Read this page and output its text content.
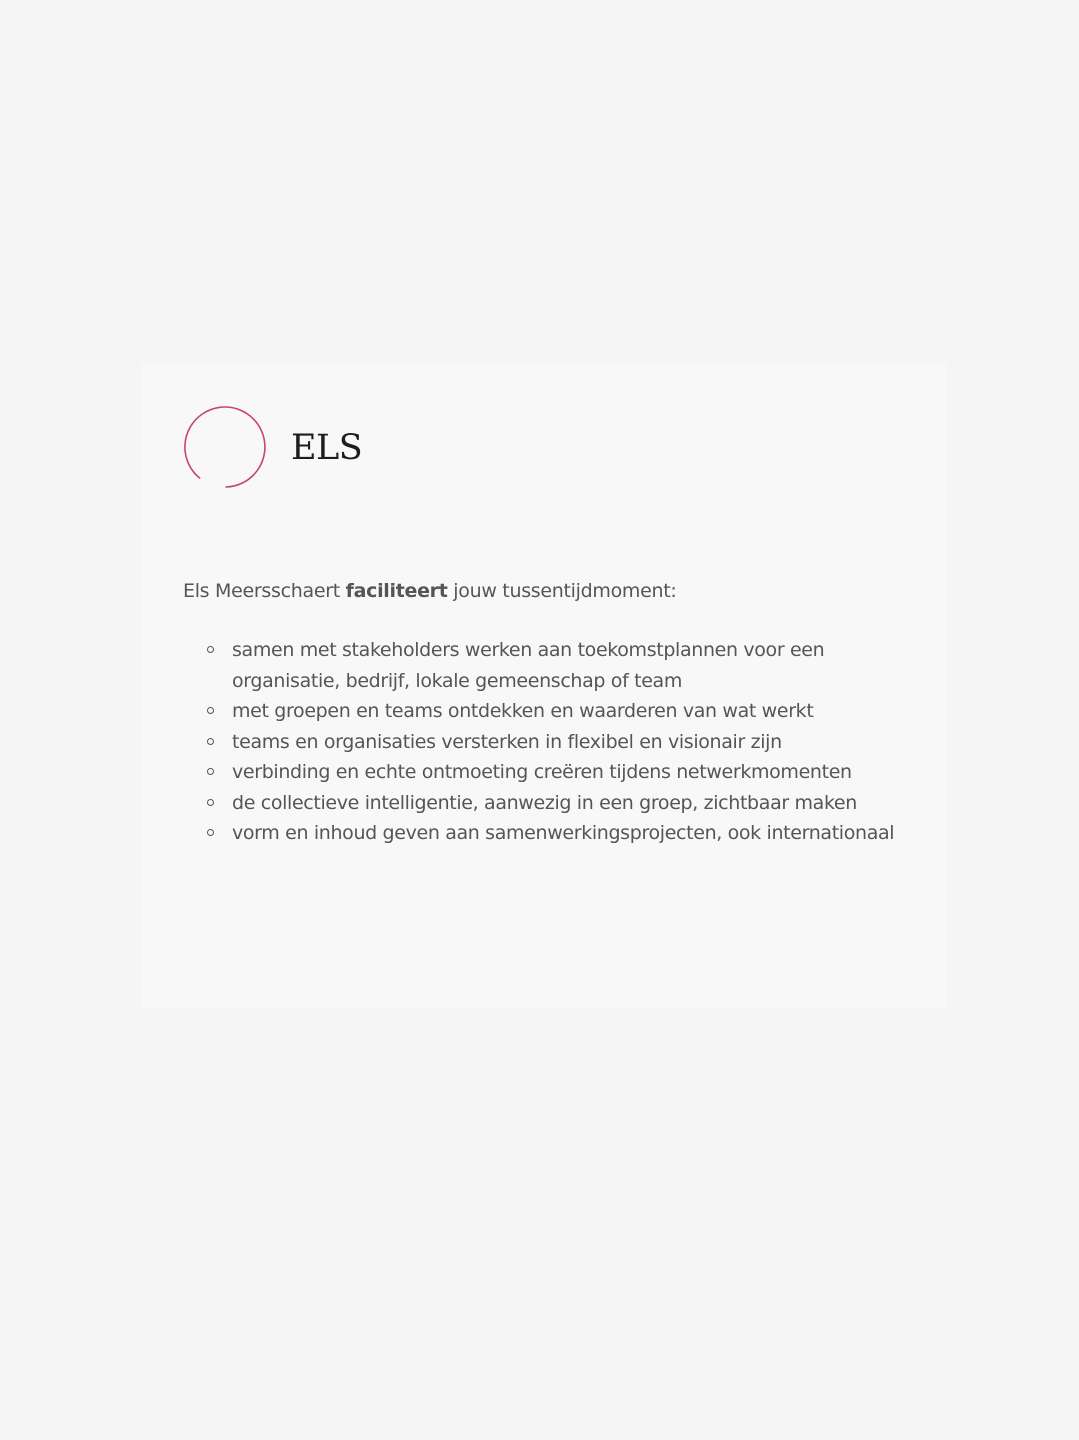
ELS

Els Meersschaert faciliteert jouw tussentijdmoment:

samen met stakeholders werken aan toekomstplannen voor een organisatie, bedrijf, lokale gemeenschap of team
met groepen en teams ontdekken en waarderen van wat werkt
teams en organisaties versterken in flexibel en visionair zijn
verbinding en echte ontmoeting creëren tijdens netwerkmomenten
de collectieve intelligentie, aanwezig in een groep, zichtbaar maken
vorm en inhoud geven aan samenwerkingsprojecten, ook internationaal
